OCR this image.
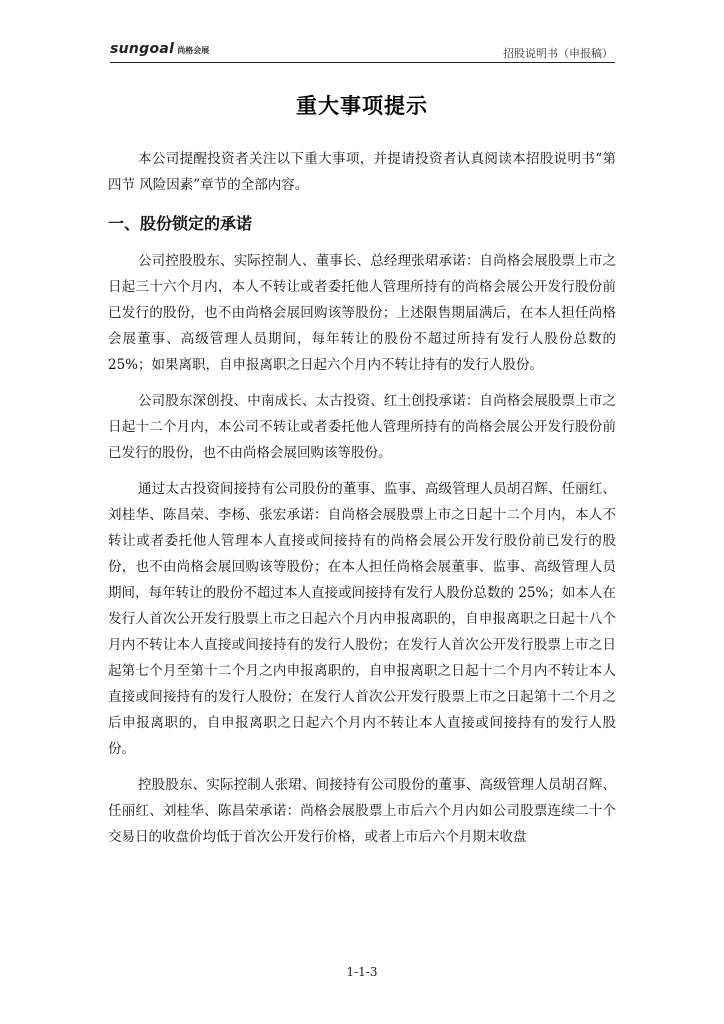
sungoal 尚格会展	招股说明书（申报稿）
重大事项提示

本公司提醒投资者关注以下重大事项，并提请投资者认真阅读本招股说明书“第四节 风险因素”章节的全部内容。

一、股份锁定的承诺

公司控股股东、实际控制人、董事长、总经理张珺承诺：自尚格会展股票上市之日起三十六个月内，本人不转让或者委托他人管理所持有的尚格会展公开发行股份前已发行的股份，也不由尚格会展回购该等股份；上述限售期届满后，在本人担任尚格会展董事、高级管理人员期间，每年转让的股份不超过所持有发行人股份总数的 25%；如果离职，自申报离职之日起六个月内不转让持有的发行人股份。

公司股东深创投、中南成长、太古投资、红土创投承诺：自尚格会展股票上市之日起十二个月内，本公司不转让或者委托他人管理所持有的尚格会展公开发行股份前已发行的股份，也不由尚格会展回购该等股份。

通过太古投资间接持有公司股份的董事、监事、高级管理人员胡召辉、任丽红、刘桂华、陈昌荣、李杨、张宏承诺：自尚格会展股票上市之日起十二个月内，本人不转让或者委托他人管理本人直接或间接持有的尚格会展公开发行股份前已发行的股份，也不由尚格会展回购该等股份；在本人担任尚格会展董事、监事、高级管理人员期间，每年转让的股份不超过本人直接或间接持有发行人股份总数的 25%；如本人在发行人首次公开发行股票上市之日起六个月内申报离职的，自申报离职之日起十八个月内不转让本人直接或间接持有的发行人股份；在发行人首次公开发行股票上市之日起第七个月至第十二个月之内申报离职的，自申报离职之日起十二个月内不转让本人直接或间接持有的发行人股份；在发行人首次公开发行股票上市之日起第十二个月之后申报离职的，自申报离职之日起六个月内不转让本人直接或间接持有的发行人股份。

控股股东、实际控制人张珺、间接持有公司股份的董事、高级管理人员胡召辉、任丽红、刘桂华、陈昌荣承诺：尚格会展股票上市后六个月内如公司股票连续二十个交易日的收盘价均低于首次公开发行价格，或者上市后六个月期末收盘

1-1-3
